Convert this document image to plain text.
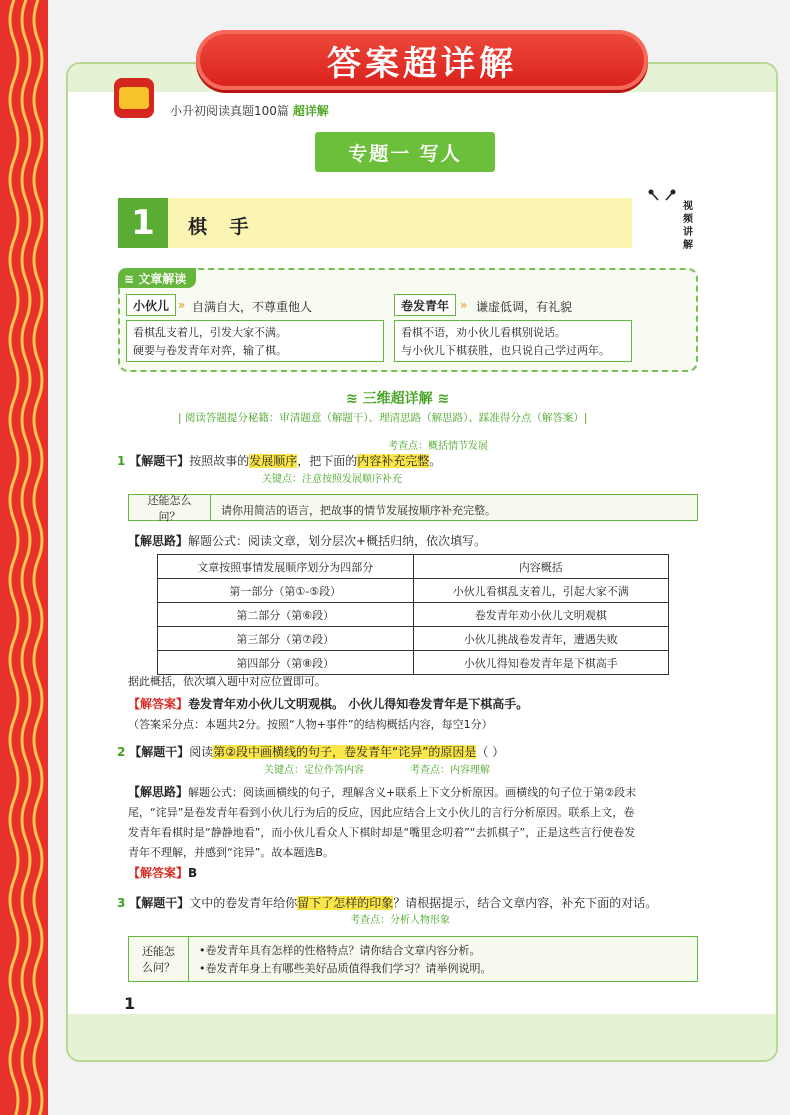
答案超详解
小升初阅读真题100篇 超详解
专题一 写人
1	棋 手
视频讲解
≋ 文章解读
小伙儿 » 自满自大，不尊重他人
看棋乱支着儿，引发大家不满。
硬要与卷发青年对弈，输了棋。
卷发青年 » 谦虚低调，有礼貌
看棋不语，劝小伙儿看棋别说话。
与小伙儿下棋获胜，也只说自己学过两年。
≋ 三维超详解 ≋
| 阅读答题提分秘籍：审清题意（解题干）、理清思路（解思路）、踩准得分点（解答案）|
考查点：概括情节发展
1 【解题干】按照故事的发展顺序，把下面的内容补充完整。
关键点：注意按照发展顺序补充
还能怎么问？	请你用简洁的语言，把故事的情节发展按顺序补充完整。
【解思路】解题公式：阅读文章，划分层次+概括归纳，依次填写。
文章按照事情发展顺序划分为四部分	内容概括
第一部分（第①-⑤段）	小伙儿看棋乱支着儿，引起大家不满
第二部分（第⑥段）	卷发青年劝小伙儿文明观棋
第三部分（第⑦段）	小伙儿挑战卷发青年，遭遇失败
第四部分（第⑧段）	小伙儿得知卷发青年是下棋高手
据此概括，依次填入题中对应位置即可。
【解答案】卷发青年劝小伙儿文明观棋。 小伙儿得知卷发青年是下棋高手。
（答案采分点：本题共2分。按照“人物+事件”的结构概括内容，每空1分）
2 【解题干】阅读第②段中画横线的句子，卷发青年“诧异”的原因是（ ）
关键点：定位作答内容	考查点：内容理解
【解思路】解题公式：阅读画横线的句子，理解含义+联系上下文分析原因。画横线的句子位于第②段末
尾，“诧异”是卷发青年看到小伙儿行为后的反应，因此应结合上文小伙儿的言行分析原因。联系上文，卷
发青年看棋时是“静静地看”，而小伙儿看众人下棋时却是“嘴里念叨着”“去抓棋子”，正是这些言行使卷发
青年不理解，并感到“诧异”。故本题选B。
【解答案】B
3 【解题干】文中的卷发青年给你留下了怎样的印象？请根据提示，结合文章内容，补充下面的对话。
考查点：分析人物形象
还能怎么问？
•卷发青年具有怎样的性格特点？请你结合文章内容分析。
•卷发青年身上有哪些美好品质值得我们学习？请举例说明。
1
